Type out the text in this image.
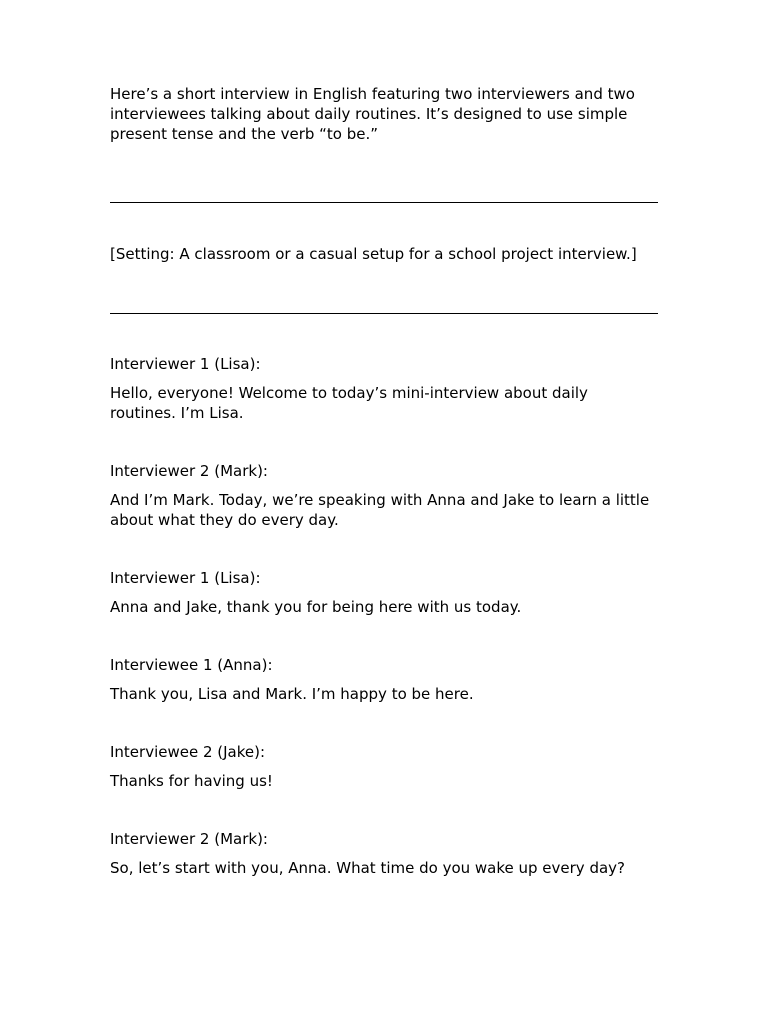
Here’s a short interview in English featuring two interviewers and two interviewees talking about daily routines. It’s designed to use simple present tense and the verb “to be.”

[Setting: A classroom or a casual setup for a school project interview.]

Interviewer 1 (Lisa):

Hello, everyone! Welcome to today’s mini-interview about daily routines. I’m Lisa.

Interviewer 2 (Mark):

And I’m Mark. Today, we’re speaking with Anna and Jake to learn a little about what they do every day.

Interviewer 1 (Lisa):

Anna and Jake, thank you for being here with us today.

Interviewee 1 (Anna):

Thank you, Lisa and Mark. I’m happy to be here.

Interviewee 2 (Jake):

Thanks for having us!

Interviewer 2 (Mark):

So, let’s start with you, Anna. What time do you wake up every day?
